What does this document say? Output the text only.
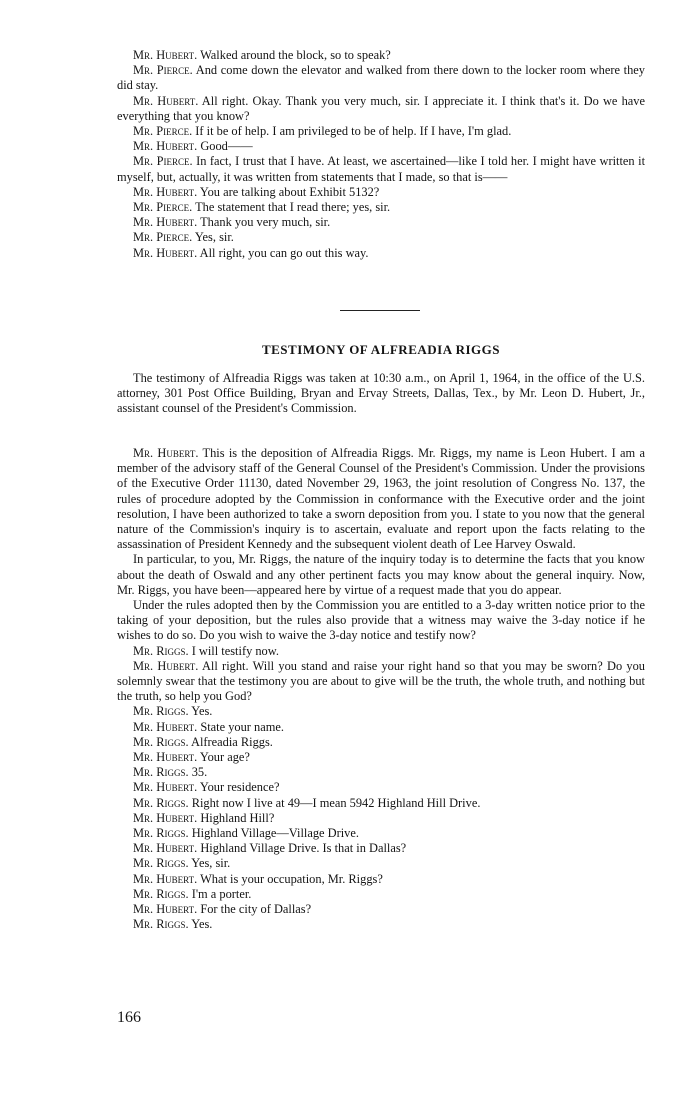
Mr. Hubert. Walked around the block, so to speak?

Mr. Pierce. And come down the elevator and walked from there down to the locker room where they did stay.

Mr. Hubert. All right. Okay. Thank you very much, sir. I appreciate it. I think that's it. Do we have everything that you know?

Mr. Pierce. If it be of help. I am privileged to be of help. If I have, I'm glad.

Mr. Hubert. Good——

Mr. Pierce. In fact, I trust that I have. At least, we ascertained—like I told her. I might have written it myself, but, actually, it was written from statements that I made, so that is——

Mr. Hubert. You are talking about Exhibit 5132?

Mr. Pierce. The statement that I read there; yes, sir.

Mr. Hubert. Thank you very much, sir.

Mr. Pierce. Yes, sir.

Mr. Hubert. All right, you can go out this way.

TESTIMONY OF ALFREADIA RIGGS

The testimony of Alfreadia Riggs was taken at 10:30 a.m., on April 1, 1964, in the office of the U.S. attorney, 301 Post Office Building, Bryan and Ervay Streets, Dallas, Tex., by Mr. Leon D. Hubert, Jr., assistant counsel of the President's Commission.

Mr. Hubert. This is the deposition of Alfreadia Riggs. Mr. Riggs, my name is Leon Hubert. I am a member of the advisory staff of the General Counsel of the President's Commission. Under the provisions of the Executive Order 11130, dated November 29, 1963, the joint resolution of Congress No. 137, the rules of procedure adopted by the Commission in conformance with the Executive order and the joint resolution, I have been authorized to take a sworn deposition from you. I state to you now that the general nature of the Commission's inquiry is to ascertain, evaluate and report upon the facts relating to the assassination of President Kennedy and the subsequent violent death of Lee Harvey Oswald.

In particular, to you, Mr. Riggs, the nature of the inquiry today is to determine the facts that you know about the death of Oswald and any other pertinent facts you may know about the general inquiry. Now, Mr. Riggs, you have been—appeared here by virtue of a request made that you do appear.

Under the rules adopted then by the Commission you are entitled to a 3-day written notice prior to the taking of your deposition, but the rules also provide that a witness may waive the 3-day notice if he wishes to do so. Do you wish to waive the 3-day notice and testify now?

Mr. Riggs. I will testify now.

Mr. Hubert. All right. Will you stand and raise your right hand so that you may be sworn? Do you solemnly swear that the testimony you are about to give will be the truth, the whole truth, and nothing but the truth, so help you God?

Mr. Riggs. Yes.

Mr. Hubert. State your name.

Mr. Riggs. Alfreadia Riggs.

Mr. Hubert. Your age?

Mr. Riggs. 35.

Mr. Hubert. Your residence?

Mr. Riggs. Right now I live at 49—I mean 5942 Highland Hill Drive.

Mr. Hubert. Highland Hill?

Mr. Riggs. Highland Village—Village Drive.

Mr. Hubert. Highland Village Drive. Is that in Dallas?

Mr. Riggs. Yes, sir.

Mr. Hubert. What is your occupation, Mr. Riggs?

Mr. Riggs. I'm a porter.

Mr. Hubert. For the city of Dallas?

Mr. Riggs. Yes.

166
